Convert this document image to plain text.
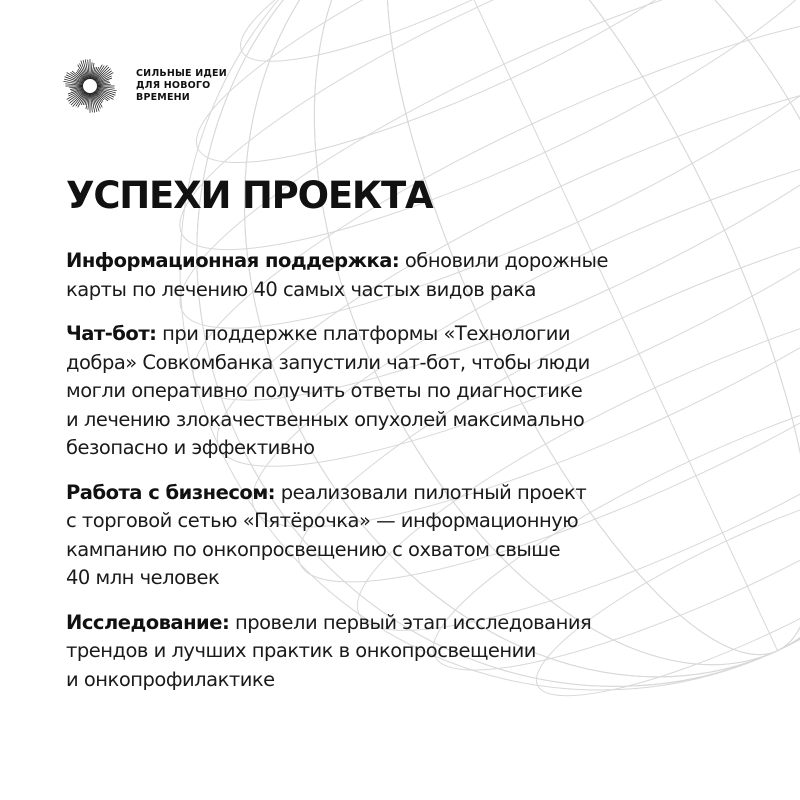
СИЛЬНЫЕ ИДЕИ
ДЛЯ НОВОГО
ВРЕМЕНИ
УСПЕХИ ПРОЕКТА
Информационная поддержка: обновили дорожные
карты по лечению 40 самых частых видов рака
Чат-бот: при поддержке платформы «Технологии
добра» Совкомбанка запустили чат-бот, чтобы люди
могли оперативно получить ответы по диагностике
и лечению злокачественных опухолей максимально
безопасно и эффективно
Работа с бизнесом: реализовали пилотный проект
с торговой сетью «Пятёрочка» — информационную
кампанию по онкопросвещению с охватом свыше
40 млн человек
Исследование: провели первый этап исследования
трендов и лучших практик в онкопросвещении
и онкопрофилактике
